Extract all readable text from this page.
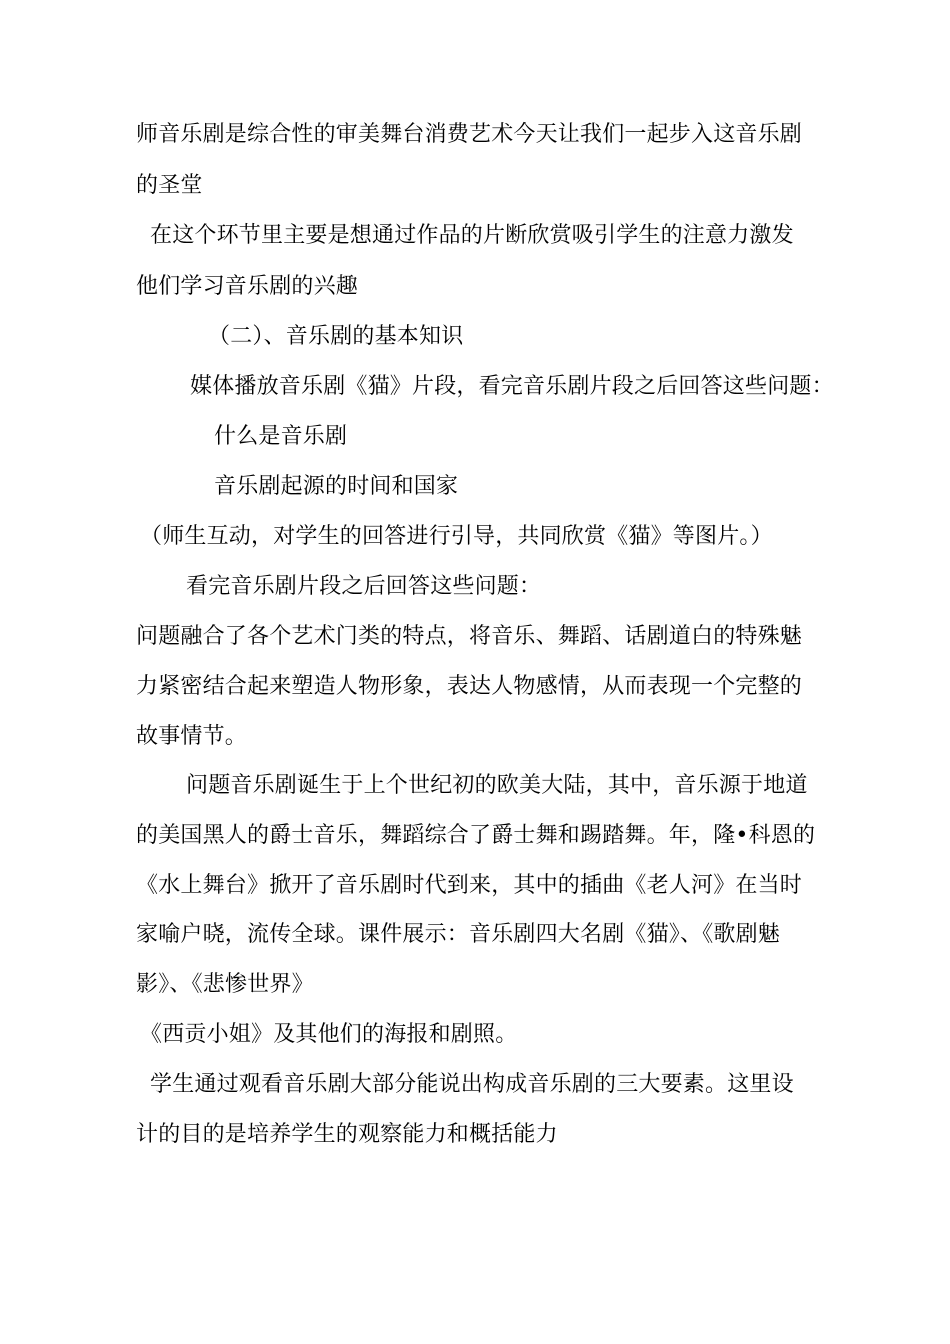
师音乐剧是综合性的审美舞台消费艺术今天让我们一起步入这音乐剧
的圣堂
在这个环节里主要是想通过作品的片断欣赏吸引学生的注意力激发
他们学习音乐剧的兴趣
（二）、音乐剧的基本知识
媒体播放音乐剧《猫》片段，看完音乐剧片段之后回答这些问题：
什么是音乐剧
音乐剧起源的时间和国家
（师生互动，对学生的回答进行引导，共同欣赏《猫》等图片。）
看完音乐剧片段之后回答这些问题：
问题融合了各个艺术门类的特点，将音乐、舞蹈、话剧道白的特殊魅
力紧密结合起来塑造人物形象，表达人物感情，从而表现一个完整的
故事情节。
问题音乐剧诞生于上个世纪初的欧美大陆，其中，音乐源于地道
的美国黑人的爵士音乐，舞蹈综合了爵士舞和踢踏舞。年，隆•科恩的
《水上舞台》掀开了音乐剧时代到来，其中的插曲《老人河》在当时
家喻户晓，流传全球。课件展示：音乐剧四大名剧《猫》、《歌剧魅
影》、《悲惨世界》
《西贡小姐》及其他们的海报和剧照。
学生通过观看音乐剧大部分能说出构成音乐剧的三大要素。这里设
计的目的是培养学生的观察能力和概括能力
